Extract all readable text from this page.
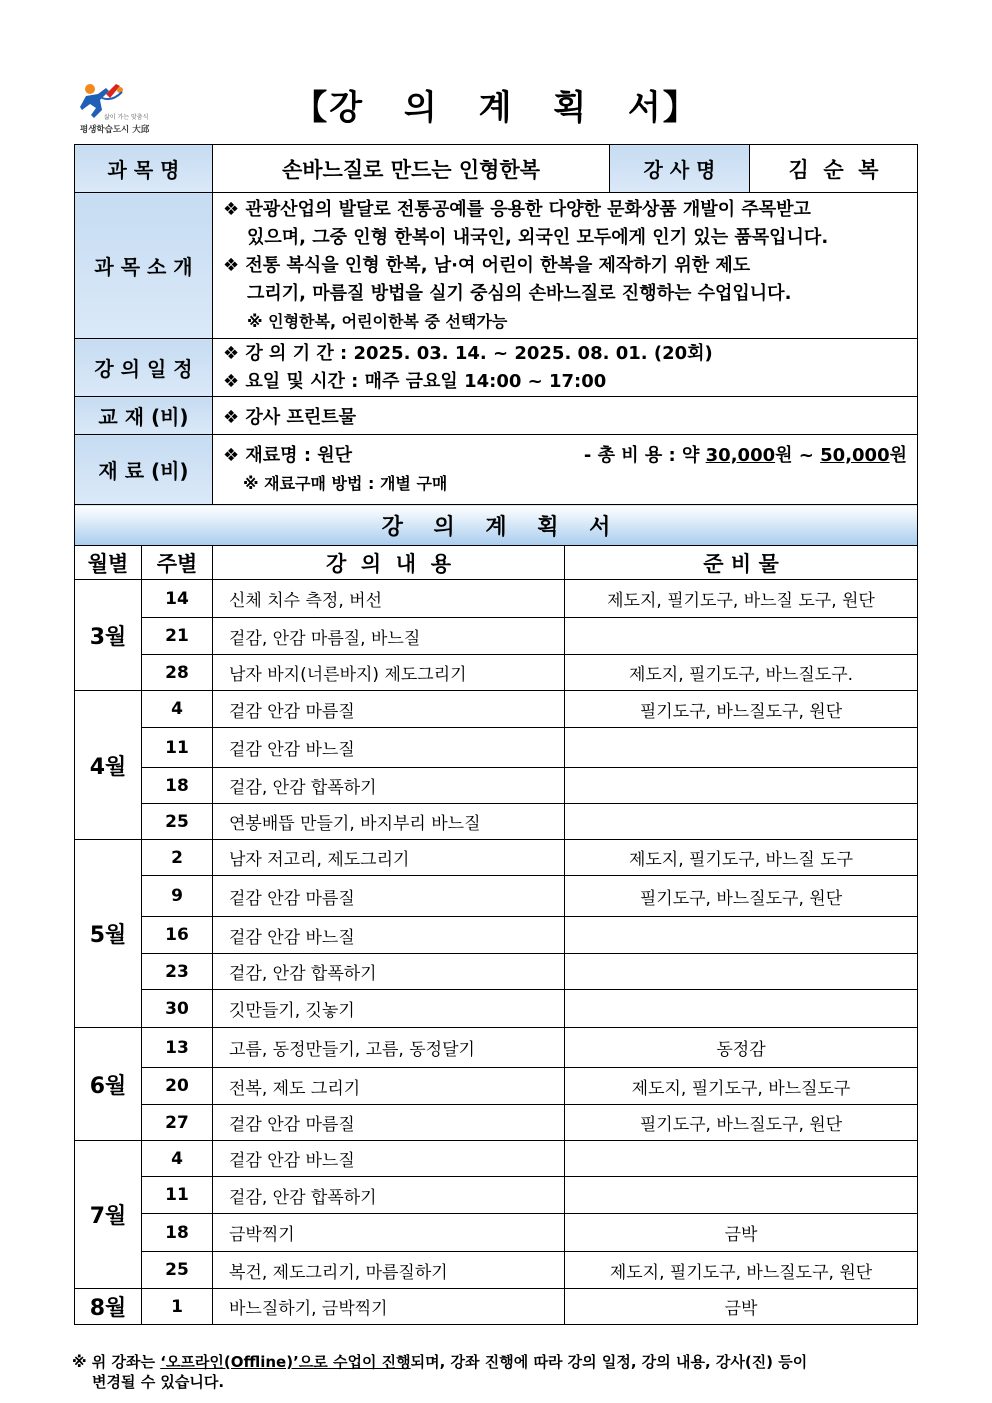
삶이 가는 맞춤식
평생학습도시 大邱
【강 의 계 획 서】
과 목 명	손바느질로 만드는 인형한복	강 사 명	김  순  복
과 목 소 개	❖ 관광산업의 발달로 전통공예를 응용한 다양한 문화상품 개발이 주목받고
있으며, 그중 인형 한복이 내국인, 외국인 모두에게 인기 있는 품목입니다.
❖ 전통 복식을 인형 한복, 남·여 어린이 한복을 제작하기 위한 제도
그리기, 마름질 방법을 실기 중심의 손바느질로 진행하는 수업입니다.
※ 인형한복, 어린이한복 중 선택가능		

강 의 일 정	❖ 강 의 기 간 : 2025. 03. 14. ~ 2025. 08. 01. (20회)
❖ 요일 및 시간 : 매주 금요일 14:00 ~ 17:00		

교 재 (비)	❖ 강사 프린트물		
재 료 (비)	❖ 재료명 : 원단 - 총 비 용 : 약 30,000원 ~ 50,000원
※ 재료구매 방법 : 개별 구매		
강    의    계    획    서			
월별	주별	강  의  내  용	준 비 물
3월	14	신체 치수 측정, 버선	제도지, 필기도구, 바느질 도구, 원단
	21	겉감, 안감 마름질, 바느질	
	28	남자 바지(너른바지) 제도그리기	제도지, 필기도구, 바느질도구.
4월	4	겉감 안감 마름질	필기도구, 바느질도구, 원단
	11	겉감 안감 바느질	
	18	겉감, 안감 합폭하기	
	25	연봉배뜹 만들기, 바지부리 바느질	
5월	2	남자 저고리, 제도그리기	제도지, 필기도구, 바느질 도구
	9	겉감 안감 마름질	필기도구, 바느질도구, 원단
	16	겉감 안감 바느질	
	23	겉감, 안감 합폭하기	
	30	깃만들기, 깃놓기	
6월	13	고름, 동정만들기, 고름, 동정달기	동정감
	20	전복, 제도 그리기	제도지, 필기도구, 바느질도구
	27	겉감 안감 마름질	필기도구, 바느질도구, 원단
7월	4	겉감 안감 바느질	
	11	겉감, 안감 합폭하기	
	18	금박찍기	금박
	25	복건, 제도그리기, 마름질하기	제도지, 필기도구, 바느질도구, 원단
8월	1	바느질하기, 금박찍기	금박
※ 위 강좌는 ‘오프라인(Offline)’으로 수업이 진행되며, 강좌 진행에 따라 강의 일정, 강의 내용, 강사(진) 등이
변경될 수 있습니다.
